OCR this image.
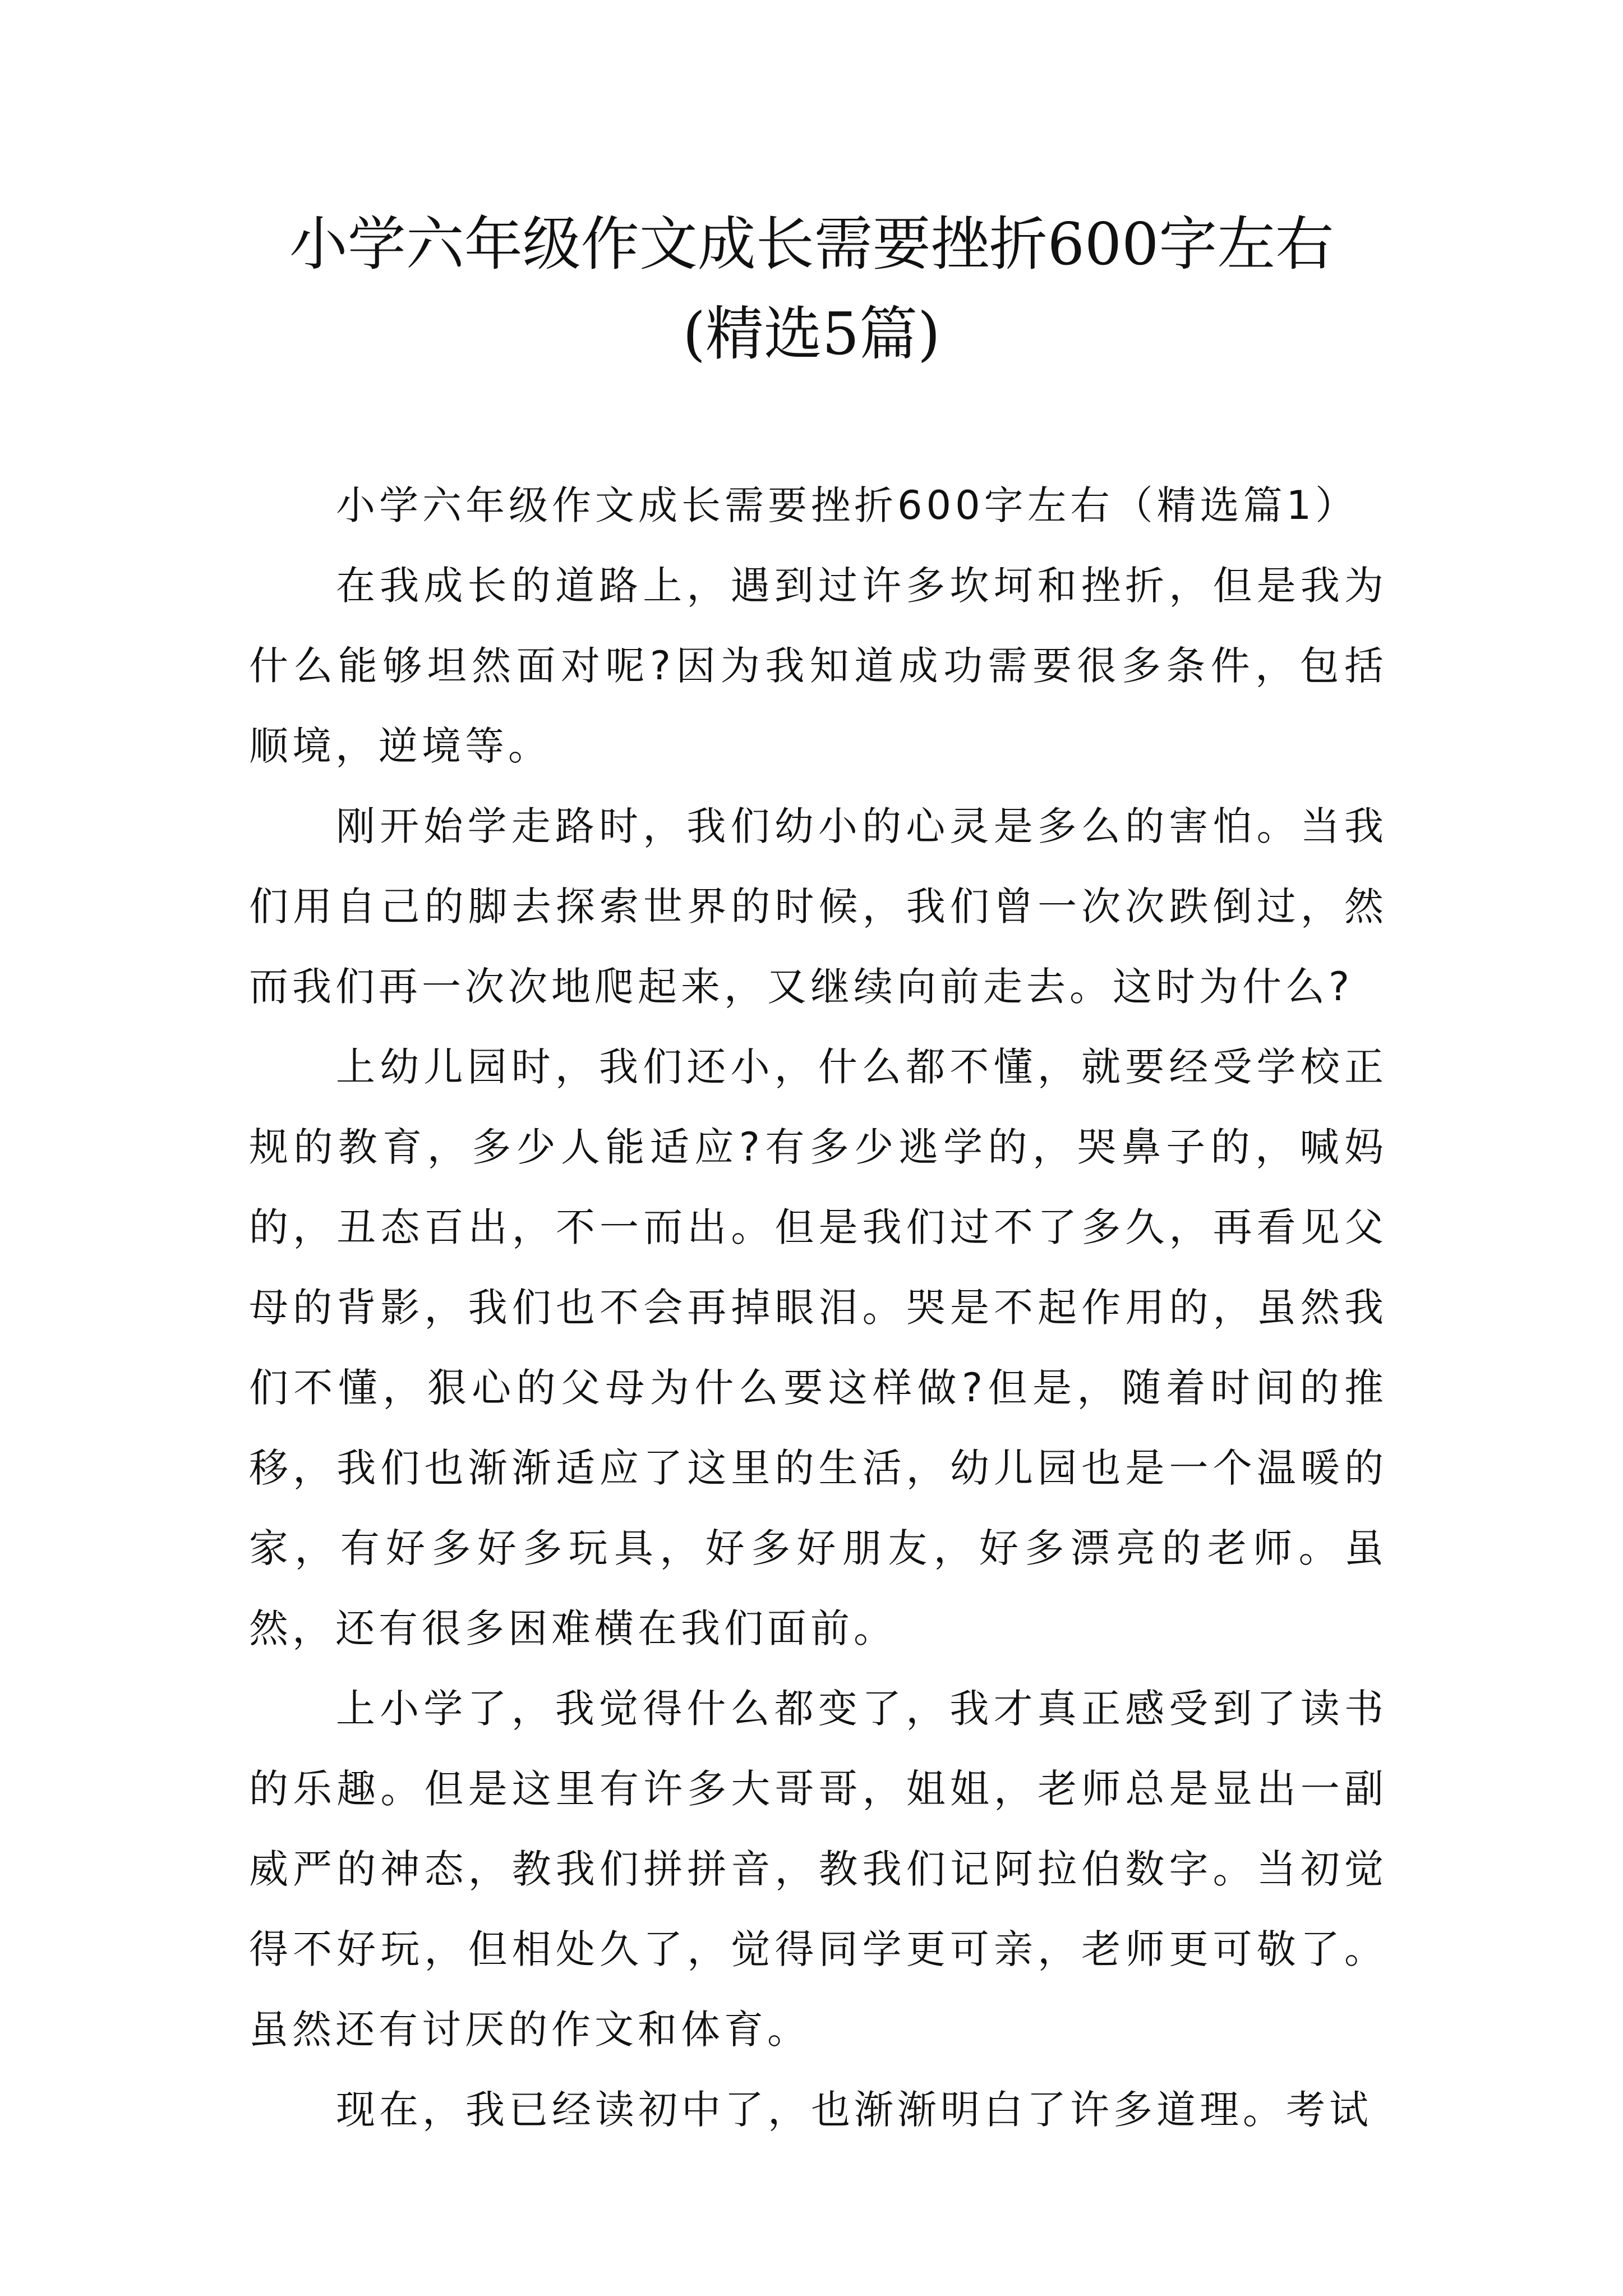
小学六年级作文成长需要挫折600字左右
(精选5篇)

小学六年级作文成长需要挫折600字左右（精选篇1）

在我成长的道路上，遇到过许多坎坷和挫折，但是我为什么能够坦然面对呢?因为我知道成功需要很多条件，包括顺境，逆境等。

刚开始学走路时，我们幼小的心灵是多么的害怕。当我们用自己的脚去探索世界的时候，我们曾一次次跌倒过，然而我们再一次次地爬起来，又继续向前走去。这时为什么?

上幼儿园时，我们还小，什么都不懂，就要经受学校正规的教育，多少人能适应?有多少逃学的，哭鼻子的，喊妈的，丑态百出，不一而出。但是我们过不了多久，再看见父母的背影，我们也不会再掉眼泪。哭是不起作用的，虽然我们不懂，狠心的父母为什么要这样做?但是，随着时间的推移，我们也渐渐适应了这里的生活，幼儿园也是一个温暖的家，有好多好多玩具，好多好朋友，好多漂亮的老师。虽然，还有很多困难横在我们面前。

上小学了，我觉得什么都变了，我才真正感受到了读书的乐趣。但是这里有许多大哥哥，姐姐，老师总是显出一副威严的神态，教我们拼拼音，教我们记阿拉伯数字。当初觉得不好玩，但相处久了，觉得同学更可亲，老师更可敬了。虽然还有讨厌的作文和体育。

现在，我已经读初中了，也渐渐明白了许多道理。考试
